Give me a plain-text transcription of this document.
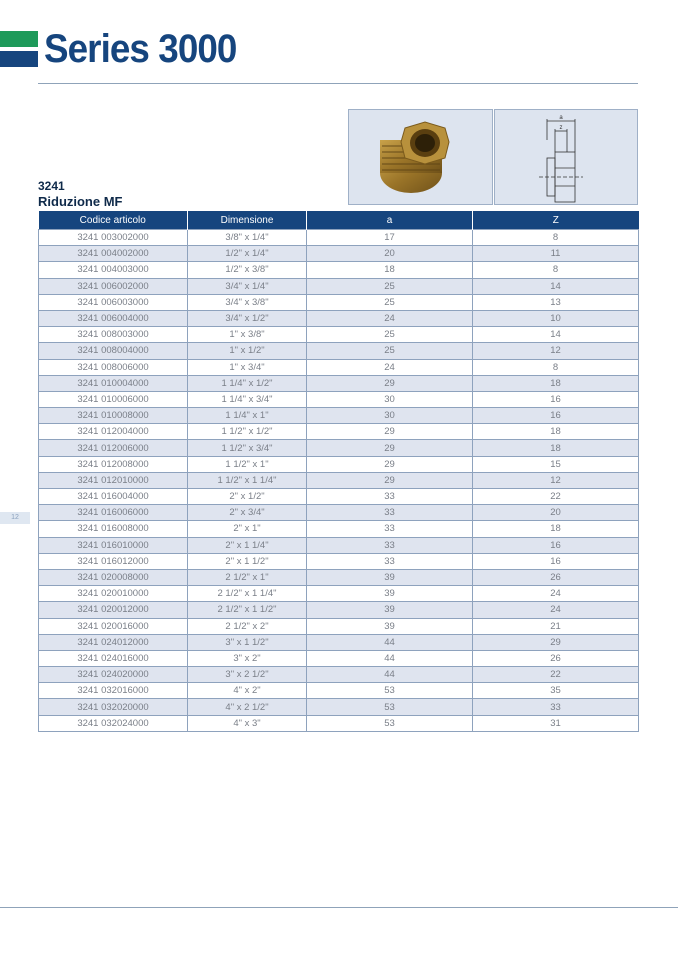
Series 3000
a
z
3241
Riduzione MF
Codice articolo	Dimensione	a	Z
3241 003002000	3/8" x 1/4"	17	8
3241 004002000	1/2" x 1/4"	20	11
3241 004003000	1/2" x 3/8"	18	8
3241 006002000	3/4" x 1/4"	25	14
3241 006003000	3/4" x 3/8"	25	13
3241 006004000	3/4" x 1/2"	24	10
3241 008003000	1" x 3/8"	25	14
3241 008004000	1" x 1/2"	25	12
3241 008006000	1" x 3/4"	24	8
3241 010004000	1 1/4" x 1/2"	29	18
3241 010006000	1 1/4" x 3/4"	30	16
3241 010008000	1 1/4" x 1"	30	16
3241 012004000	1 1/2" x 1/2"	29	18
3241 012006000	1 1/2" x 3/4"	29	18
3241 012008000	1 1/2" x 1"	29	15
3241 012010000	1 1/2" x 1 1/4"	29	12
3241 016004000	2" x 1/2"	33	22
3241 016006000	2" x 3/4"	33	20
3241 016008000	2" x 1"	33	18
3241 016010000	2" x 1 1/4"	33	16
3241 016012000	2" x 1 1/2"	33	16
3241 020008000	2 1/2" x 1"	39	26
3241 020010000	2 1/2" x 1 1/4"	39	24
3241 020012000	2 1/2" x 1 1/2"	39	24
3241 020016000	2 1/2" x 2"	39	21
3241 024012000	3" x 1 1/2"	44	29
3241 024016000	3" x 2"	44	26
3241 024020000	3" x 2 1/2"	44	22
3241 032016000	4" x 2"	53	35
3241 032020000	4" x 2 1/2"	53	33
3241 032024000	4" x 3"	53	31
12
